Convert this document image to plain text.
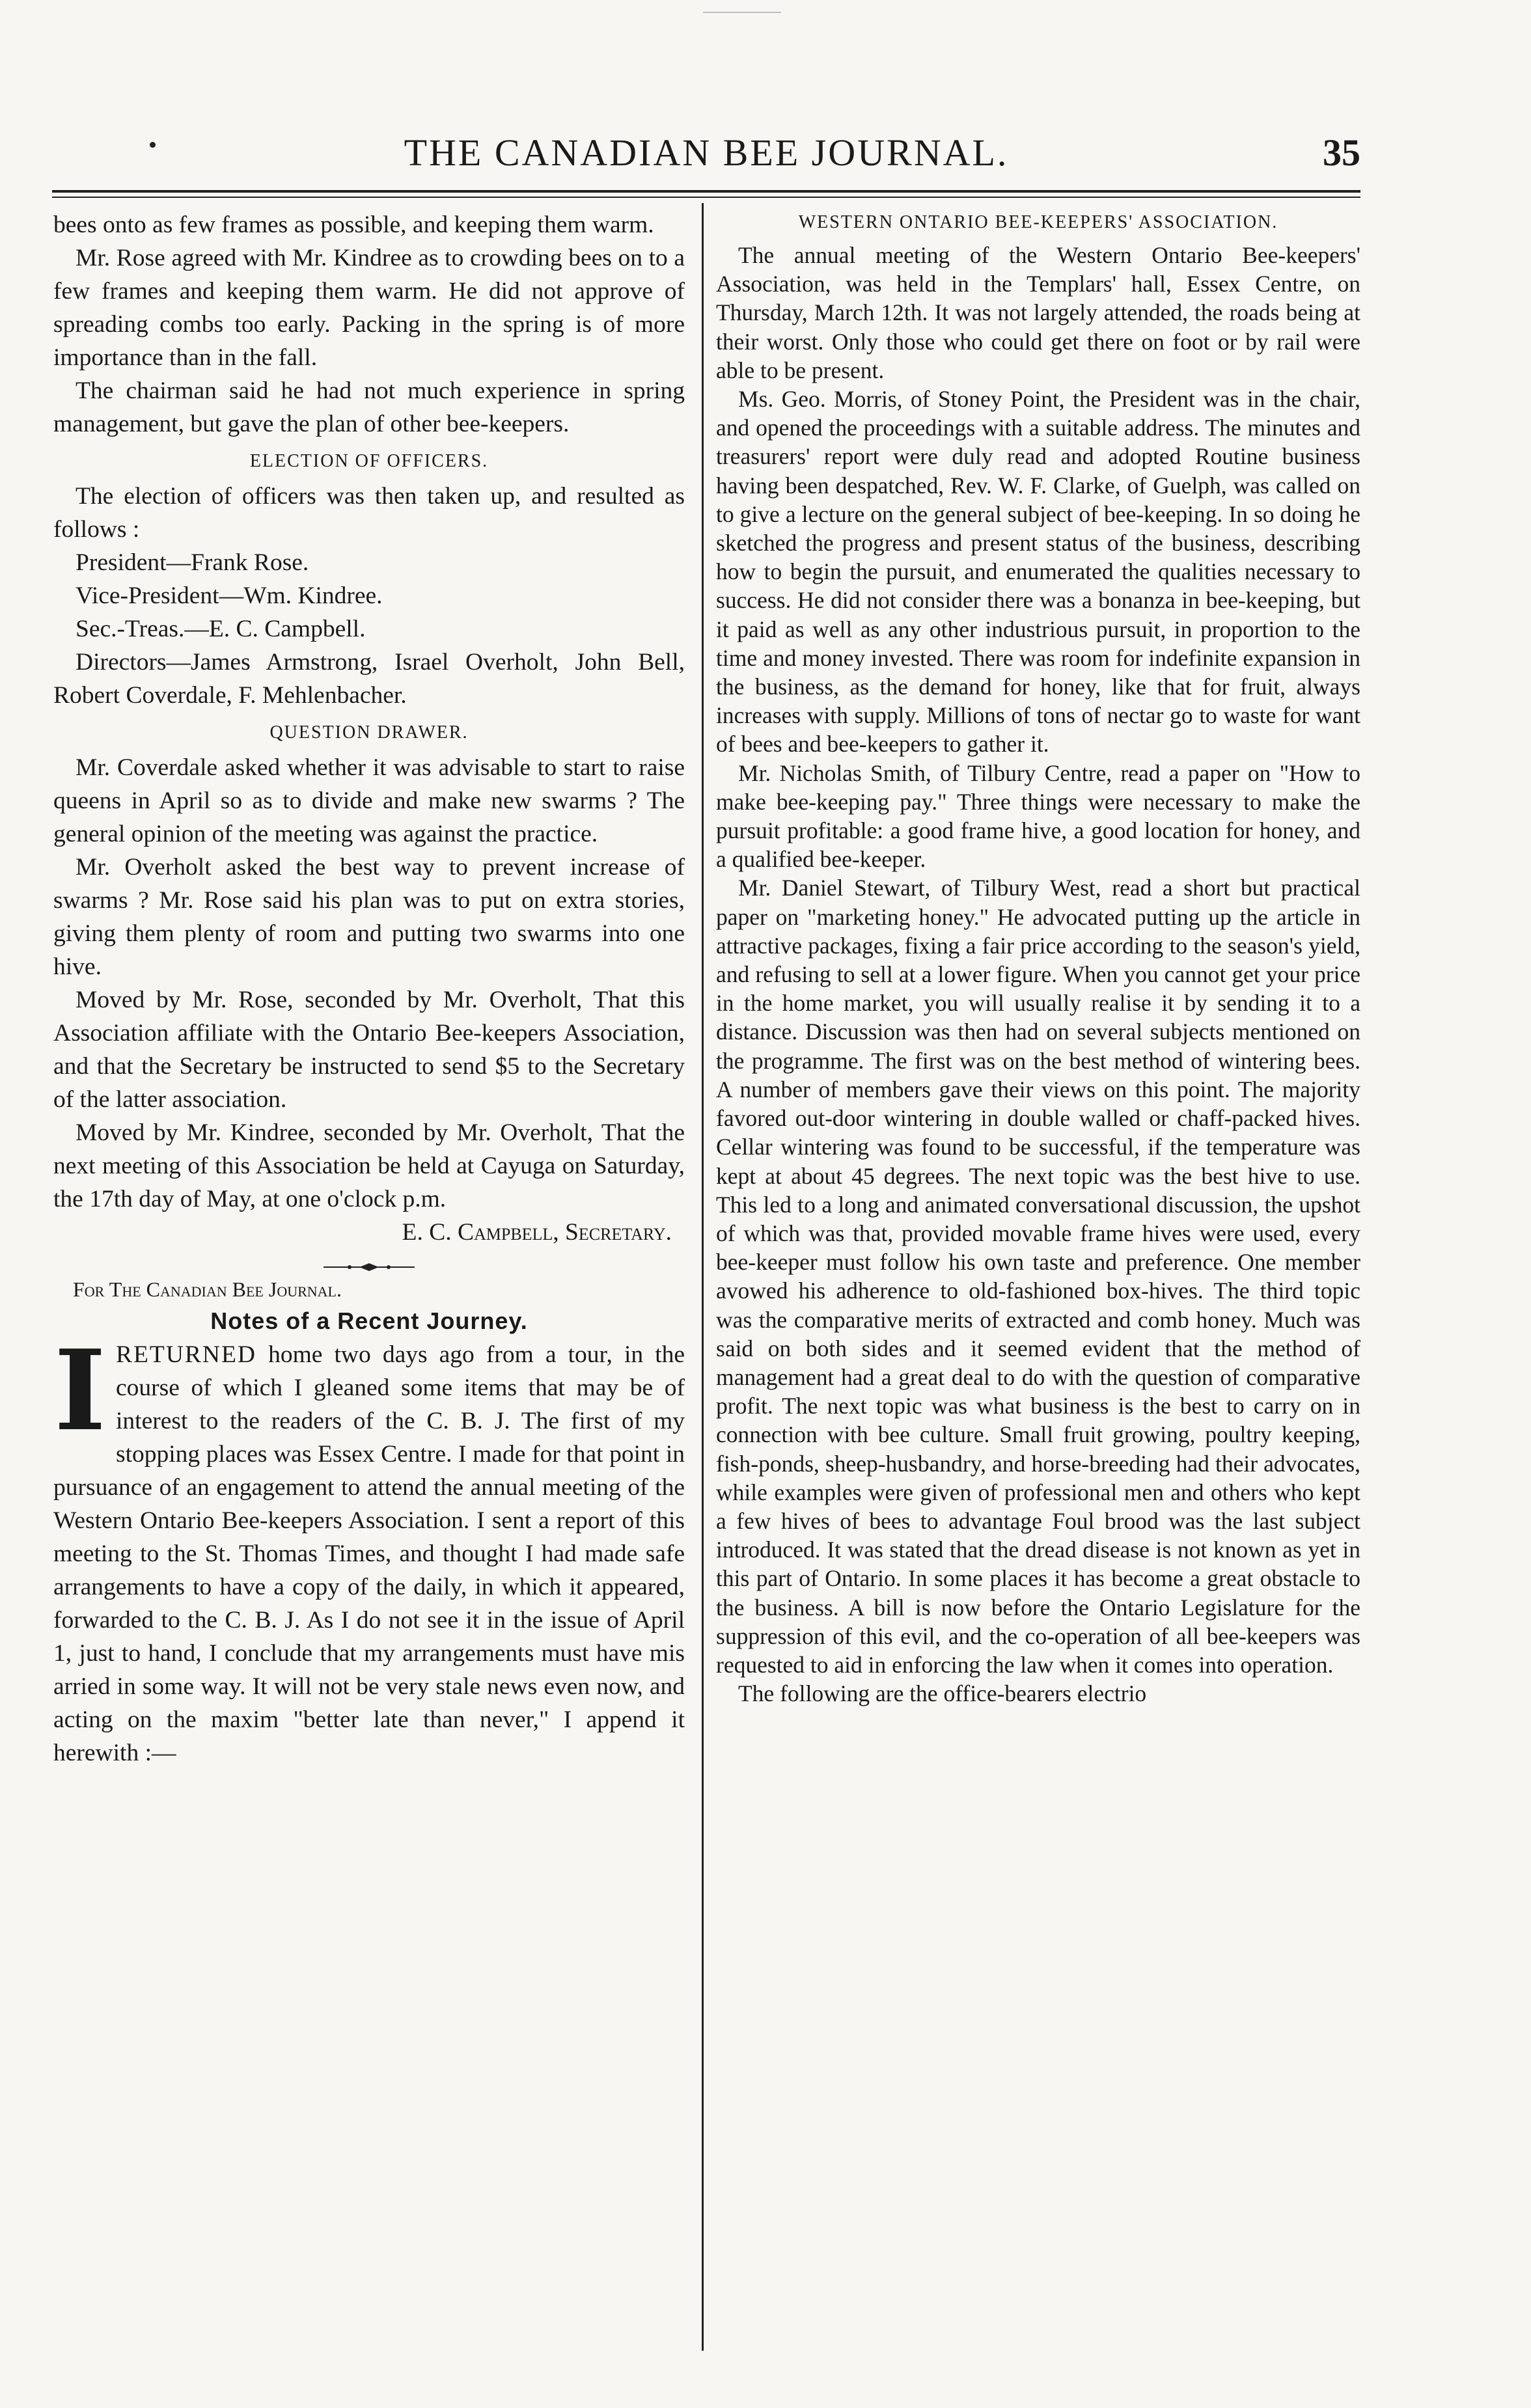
THE CANADIAN BEE JOURNAL.	35

bees onto as few frames as possible, and keeping them warm.

Mr. Rose agreed with Mr. Kindree as to crowding bees on to a few frames and keeping them warm. He did not approve of spreading combs too early. Packing in the spring is of more importance than in the fall.

The chairman said he had not much experience in spring management, but gave the plan of other bee-keepers.

ELECTION OF OFFICERS.

The election of officers was then taken up, and resulted as follows :

President—Frank Rose.
Vice-President—Wm. Kindree.
Sec.-Treas.—E. C. Campbell.

Directors—James Armstrong, Israel Overholt, John Bell, Robert Coverdale, F. Mehlenbacher.

QUESTION DRAWER.

Mr. Coverdale asked whether it was advisable to start to raise queens in April so as to divide and make new swarms ? The general opinion of the meeting was against the practice.

Mr. Overholt asked the best way to prevent increase of swarms ? Mr. Rose said his plan was to put on extra stories, giving them plenty of room and putting two swarms into one hive.

Moved by Mr. Rose, seconded by Mr. Overholt, That this Association affiliate with the Ontario Bee-keepers Association, and that the Secretary be instructed to send $5 to the Secretary of the latter association.

Moved by Mr. Kindree, seconded by Mr. Overholt, That the next meeting of this Association be held at Cayuga on Saturday, the 17th day of May, at one o'clock p.m.

E. C. Campbell, Secretary.
For The Canadian Bee Journal.
Notes of a Recent Journey.
I RETURNED home two days ago from a tour, in the course of which I gleaned some items that may be of interest to the readers of the C. B. J. The first of my stopping places was Essex Centre. I made for that point in pursuance of an engagement to attend the annual meeting of the Western Ontario Bee-keepers Association. I sent a report of this meeting to the St. Thomas Times, and thought I had made safe arrangements to have a copy of the daily, in which it appeared, forwarded to the C. B. J. As I do not see it in the issue of April 1, just to hand, I conclude that my arrangements must have mis arried in some way. It will not be very stale news even now, and acting on the maxim "better late than never," I append it herewith :—

WESTERN ONTARIO BEE-KEEPERS' ASSOCIATION.

The annual meeting of the Western Ontario Bee-keepers' Association, was held in the Templars' hall, Essex Centre, on Thursday, March 12th. It was not largely attended, the roads being at their worst. Only those who could get there on foot or by rail were able to be present.

Ms. Geo. Morris, of Stoney Point, the President was in the chair, and opened the proceedings with a suitable address. The minutes and treasurers' report were duly read and adopted Routine business having been despatched, Rev. W. F. Clarke, of Guelph, was called on to give a lecture on the general subject of bee-keeping. In so doing he sketched the progress and present status of the business, describing how to begin the pursuit, and enumerated the qualities necessary to success. He did not consider there was a bonanza in bee-keeping, but it paid as well as any other industrious pursuit, in proportion to the time and money invested. There was room for indefinite expansion in the business, as the demand for honey, like that for fruit, always increases with supply. Millions of tons of nectar go to waste for want of bees and bee-keepers to gather it.

Mr. Nicholas Smith, of Tilbury Centre, read a paper on "How to make bee-keeping pay." Three things were necessary to make the pursuit profitable: a good frame hive, a good location for honey, and a qualified bee-keeper.

Mr. Daniel Stewart, of Tilbury West, read a short but practical paper on "marketing honey." He advocated putting up the article in attractive packages, fixing a fair price according to the season's yield, and refusing to sell at a lower figure. When you cannot get your price in the home market, you will usually realise it by sending it to a distance. Discussion was then had on several subjects mentioned on the programme. The first was on the best method of wintering bees. A number of members gave their views on this point. The majority favored out-door wintering in double walled or chaff-packed hives. Cellar wintering was found to be successful, if the temperature was kept at about 45 degrees. The next topic was the best hive to use. This led to a long and animated conversational discussion, the upshot of which was that, provided movable frame hives were used, every bee-keeper must follow his own taste and preference. One member avowed his adherence to old-fashioned box-hives. The third topic was the comparative merits of extracted and comb honey. Much was said on both sides and it seemed evident that the method of management had a great deal to do with the question of comparative profit. The next topic was what business is the best to carry on in connection with bee culture. Small fruit growing, poultry keeping, fish-ponds, sheep-husbandry, and horse-breeding had their advocates, while examples were given of professional men and others who kept a few hives of bees to advantage Foul brood was the last subject introduced. It was stated that the dread disease is not known as yet in this part of Ontario. In some places it has become a great obstacle to the business. A bill is now before the Ontario Legislature for the suppression of this evil, and the co-operation of all bee-keepers was requested to aid in enforcing the law when it comes into operation.

The following are the office-bearers electrio
